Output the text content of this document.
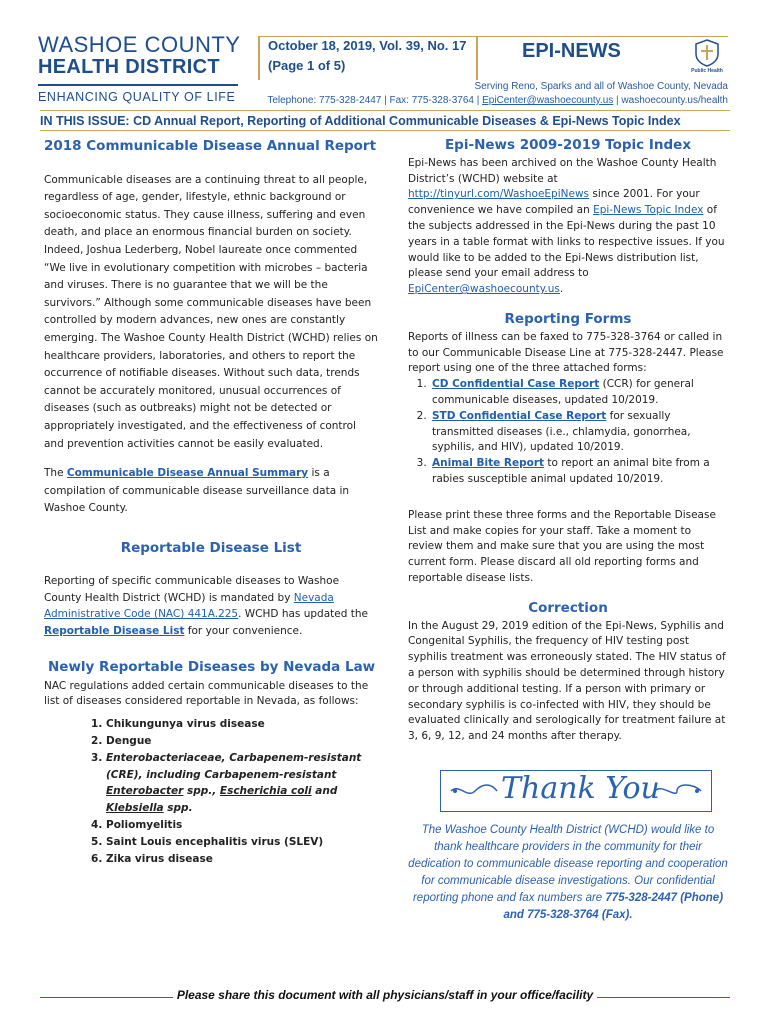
WASHOE COUNTY
HEALTH DISTRICT
ENHANCING QUALITY OF LIFE
October 18, 2019, Vol. 39, No. 17
(Page 1 of 5)
EPI-NEWS
Public Health
Serving Reno, Sparks and all of Washoe County, Nevada
Telephone: 775-328-2447 | Fax: 775-328-3764 | EpiCenter@washoecounty.us | washoecounty.us/health
IN THIS ISSUE: CD Annual Report, Reporting of Additional Communicable Diseases & Epi-News Topic Index
2018 Communicable Disease Annual Report

Communicable diseases are a continuing threat to all people, regardless of age, gender, lifestyle, ethnic background or socioeconomic status. They cause illness, suffering and even death, and place an enormous financial burden on society. Indeed, Joshua Lederberg, Nobel laureate once commented “We live in evolutionary competition with microbes – bacteria and viruses. There is no guarantee that we will be the survivors.” Although some communicable diseases have been controlled by modern advances, new ones are constantly emerging. The Washoe County Health District (WCHD) relies on healthcare providers, laboratories, and others to report the occurrence of notifiable diseases. Without such data, trends cannot be accurately monitored, unusual occurrences of diseases (such as outbreaks) might not be detected or appropriately investigated, and the effectiveness of control and prevention activities cannot be easily evaluated.

The Communicable Disease Annual Summary is a compilation of communicable disease surveillance data in Washoe County.

Reportable Disease List

Reporting of specific communicable diseases to Washoe County Health District (WCHD) is mandated by Nevada Administrative Code (NAC) 441A.225. WCHD has updated the Reportable Disease List for your convenience.

Newly Reportable Diseases by Nevada Law

NAC regulations added certain communicable diseases to the list of diseases considered reportable in Nevada, as follows:

1. Chikungunya virus disease
2. Dengue
3. Enterobacteriaceae, Carbapenem-resistant (CRE), including Carbapenem-resistant Enterobacter spp., Escherichia coli and Klebsiella spp.
4. Poliomyelitis
5. Saint Louis encephalitis virus (SLEV)
6. Zika virus disease
Epi-News 2009-2019 Topic Index

Epi-News has been archived on the Washoe County Health District’s (WCHD) website at http://tinyurl.com/WashoeEpiNews since 2001. For your convenience we have compiled an Epi-News Topic Index of the subjects addressed in the Epi-News during the past 10 years in a table format with links to respective issues. If you would like to be added to the Epi-News distribution list, please send your email address to EpiCenter@washoecounty.us.

Reporting Forms

Reports of illness can be faxed to 775-328-3764 or called in to our Communicable Disease Line at 775-328-2447. Please report using one of the three attached forms:

1. CD Confidential Case Report (CCR) for general communicable diseases, updated 10/2019.
2. STD Confidential Case Report for sexually transmitted diseases (i.e., chlamydia, gonorrhea, syphilis, and HIV), updated 10/2019.
3. Animal Bite Report to report an animal bite from a rabies susceptible animal updated 10/2019.

Please print these three forms and the Reportable Disease List and make copies for your staff. Take a moment to review them and make sure that you are using the most current form. Please discard all old reporting forms and reportable disease lists.

Correction

In the August 29, 2019 edition of the Epi-News, Syphilis and Congenital Syphilis, the frequency of HIV testing post syphilis treatment was erroneously stated. The HIV status of a person with syphilis should be determined through history or through additional testing. If a person with primary or secondary syphilis is co-infected with HIV, they should be evaluated clinically and serologically for treatment failure at 3, 6, 9, 12, and 24 months after therapy.

Thank You
The Washoe County Health District (WCHD) would like to thank healthcare providers in the community for their dedication to communicable disease reporting and cooperation for communicable disease investigations. Our confidential reporting phone and fax numbers are 775-328-2447 (Phone) and 775-328-3764 (Fax).
Please share this document with all physicians/staff in your office/facility
